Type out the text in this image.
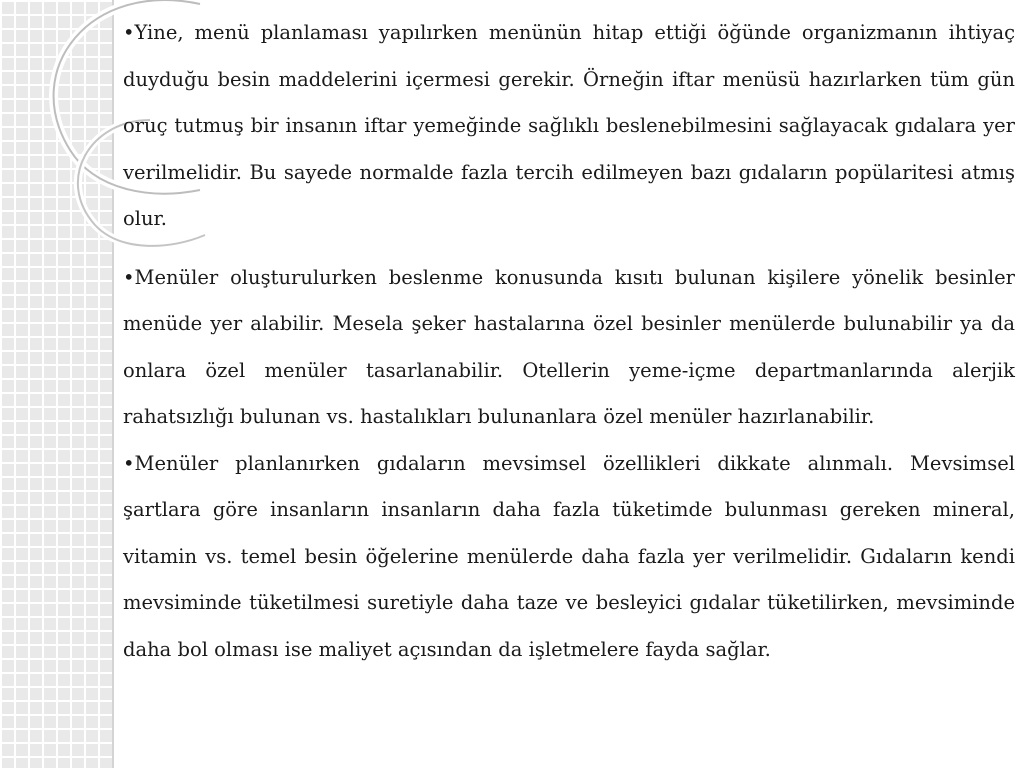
•Yine, menü planlaması yapılırken menünün hitap ettiği öğünde organizmanın ihtiyaç duyduğu besin maddelerini içermesi gerekir. Örneğin iftar menüsü hazırlarken tüm gün oruç tutmuş bir insanın iftar yemeğinde sağlıklı beslenebilmesini sağlayacak gıdalara yer verilmelidir. Bu sayede normalde fazla tercih edilmeyen bazı gıdaların popülaritesi atmış olur.

•Menüler oluşturulurken beslenme konusunda kısıtı bulunan kişilere yönelik besinler menüde yer alabilir. Mesela şeker hastalarına özel besinler menülerde bulunabilir ya da onlara özel menüler tasarlanabilir. Otellerin yeme-içme departmanlarında alerjik rahatsızlığı bulunan vs. hastalıkları bulunanlara özel menüler hazırlanabilir.

•Menüler planlanırken gıdaların mevsimsel özellikleri dikkate alınmalı. Mevsimsel şartlara göre insanların insanların daha fazla tüketimde bulunması gereken mineral, vitamin vs. temel besin öğelerine menülerde daha fazla yer verilmelidir. Gıdaların kendi mevsiminde tüketilmesi suretiyle daha taze ve besleyici gıdalar tüketilirken, mevsiminde daha bol olması ise maliyet açısından da işletmelere fayda sağlar.
